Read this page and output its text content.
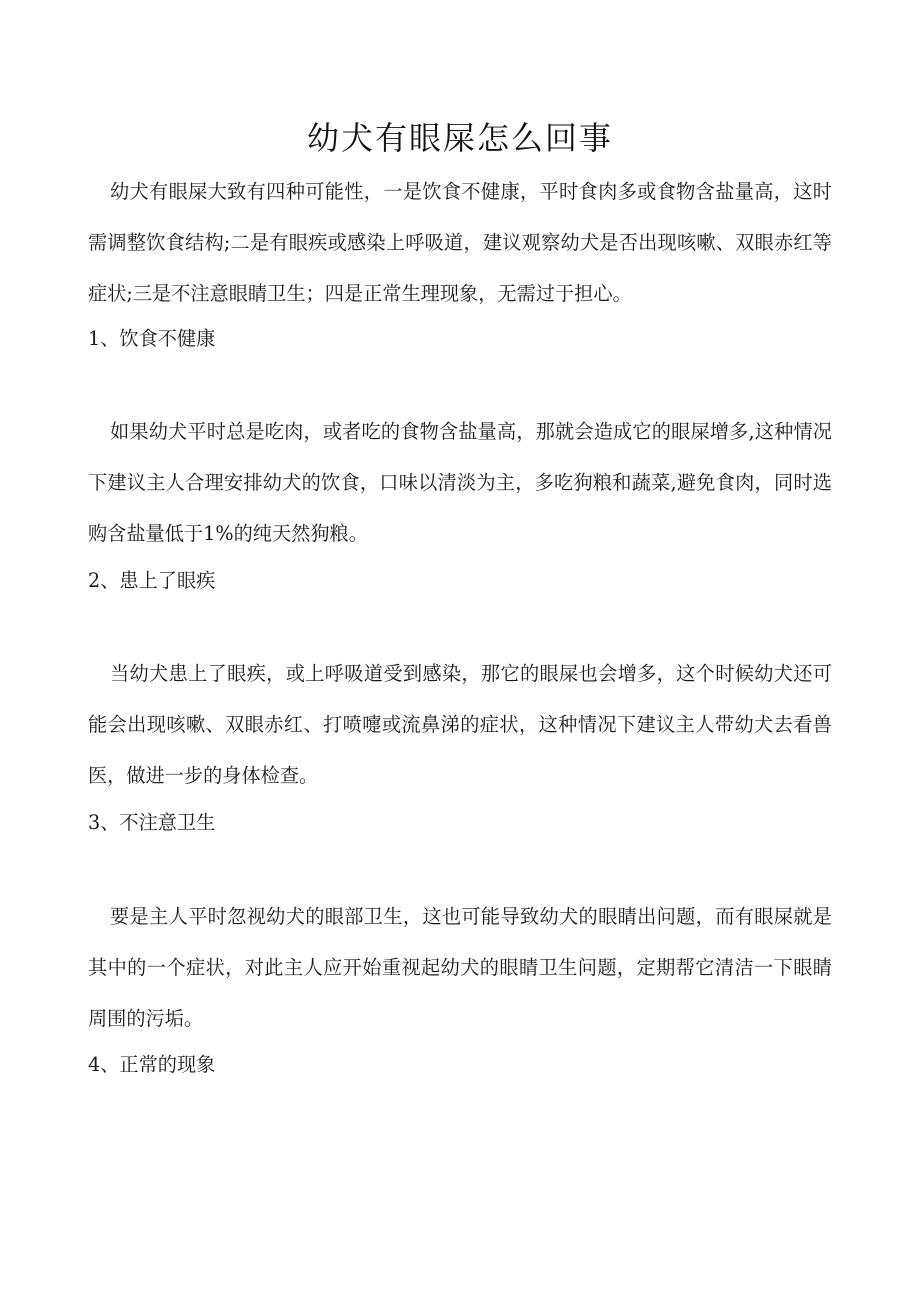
幼犬有眼屎怎么回事

幼犬有眼屎大致有四种可能性，一是饮食不健康，平时食肉多或食物含盐量高，这时需调整饮食结构;二是有眼疾或感染上呼吸道，建议观察幼犬是否出现咳嗽、双眼赤红等症状;三是不注意眼睛卫生；四是正常生理现象，无需过于担心。

1、饮食不健康

如果幼犬平时总是吃肉，或者吃的食物含盐量高，那就会造成它的眼屎增多,这种情况下建议主人合理安排幼犬的饮食，口味以清淡为主，多吃狗粮和蔬菜,避免食肉，同时选购含盐量低于1%的纯天然狗粮。

2、患上了眼疾

当幼犬患上了眼疾，或上呼吸道受到感染，那它的眼屎也会增多，这个时候幼犬还可能会出现咳嗽、双眼赤红、打喷嚏或流鼻涕的症状，这种情况下建议主人带幼犬去看兽医，做进一步的身体检查。

3、不注意卫生

要是主人平时忽视幼犬的眼部卫生，这也可能导致幼犬的眼睛出问题，而有眼屎就是其中的一个症状，对此主人应开始重视起幼犬的眼睛卫生问题，定期帮它清洁一下眼睛周围的污垢。

4、正常的现象
